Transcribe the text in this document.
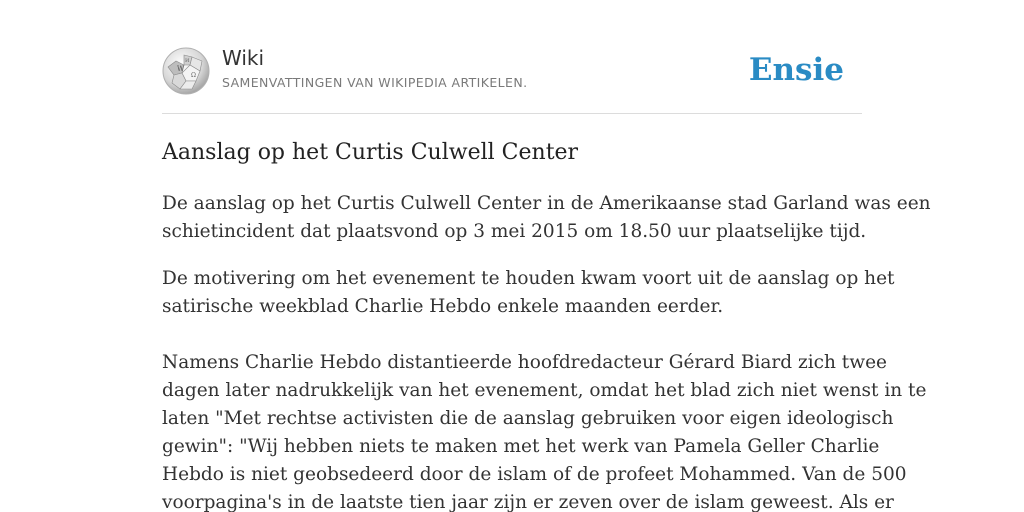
W
Ω
И Wiki
SAMENVATTINGEN VAN WIKIPEDIA ARTIKELEN.	Ensie
Aanslag op het Curtis Culwell Center

De aanslag op het Curtis Culwell Center in de Amerikaanse stad Garland was een
schietincident dat plaatsvond op 3 mei 2015 om 18.50 uur plaatselijke tijd.

De motivering om het evenement te houden kwam voort uit de aanslag op het
satirische weekblad Charlie Hebdo enkele maanden eerder.

Namens Charlie Hebdo distantieerde hoofdredacteur Gérard Biard zich twee
dagen later nadrukkelijk van het evenement, omdat het blad zich niet wenst in te
laten "Met rechtse activisten die de aanslag gebruiken voor eigen ideologisch
gewin": "Wij hebben niets te maken met het werk van Pamela Geller Charlie
Hebdo is niet geobsedeerd door de islam of de profeet Mohammed. Van de 500
voorpagina's in de laatste tien jaar zijn er zeven over de islam geweest. Als er
